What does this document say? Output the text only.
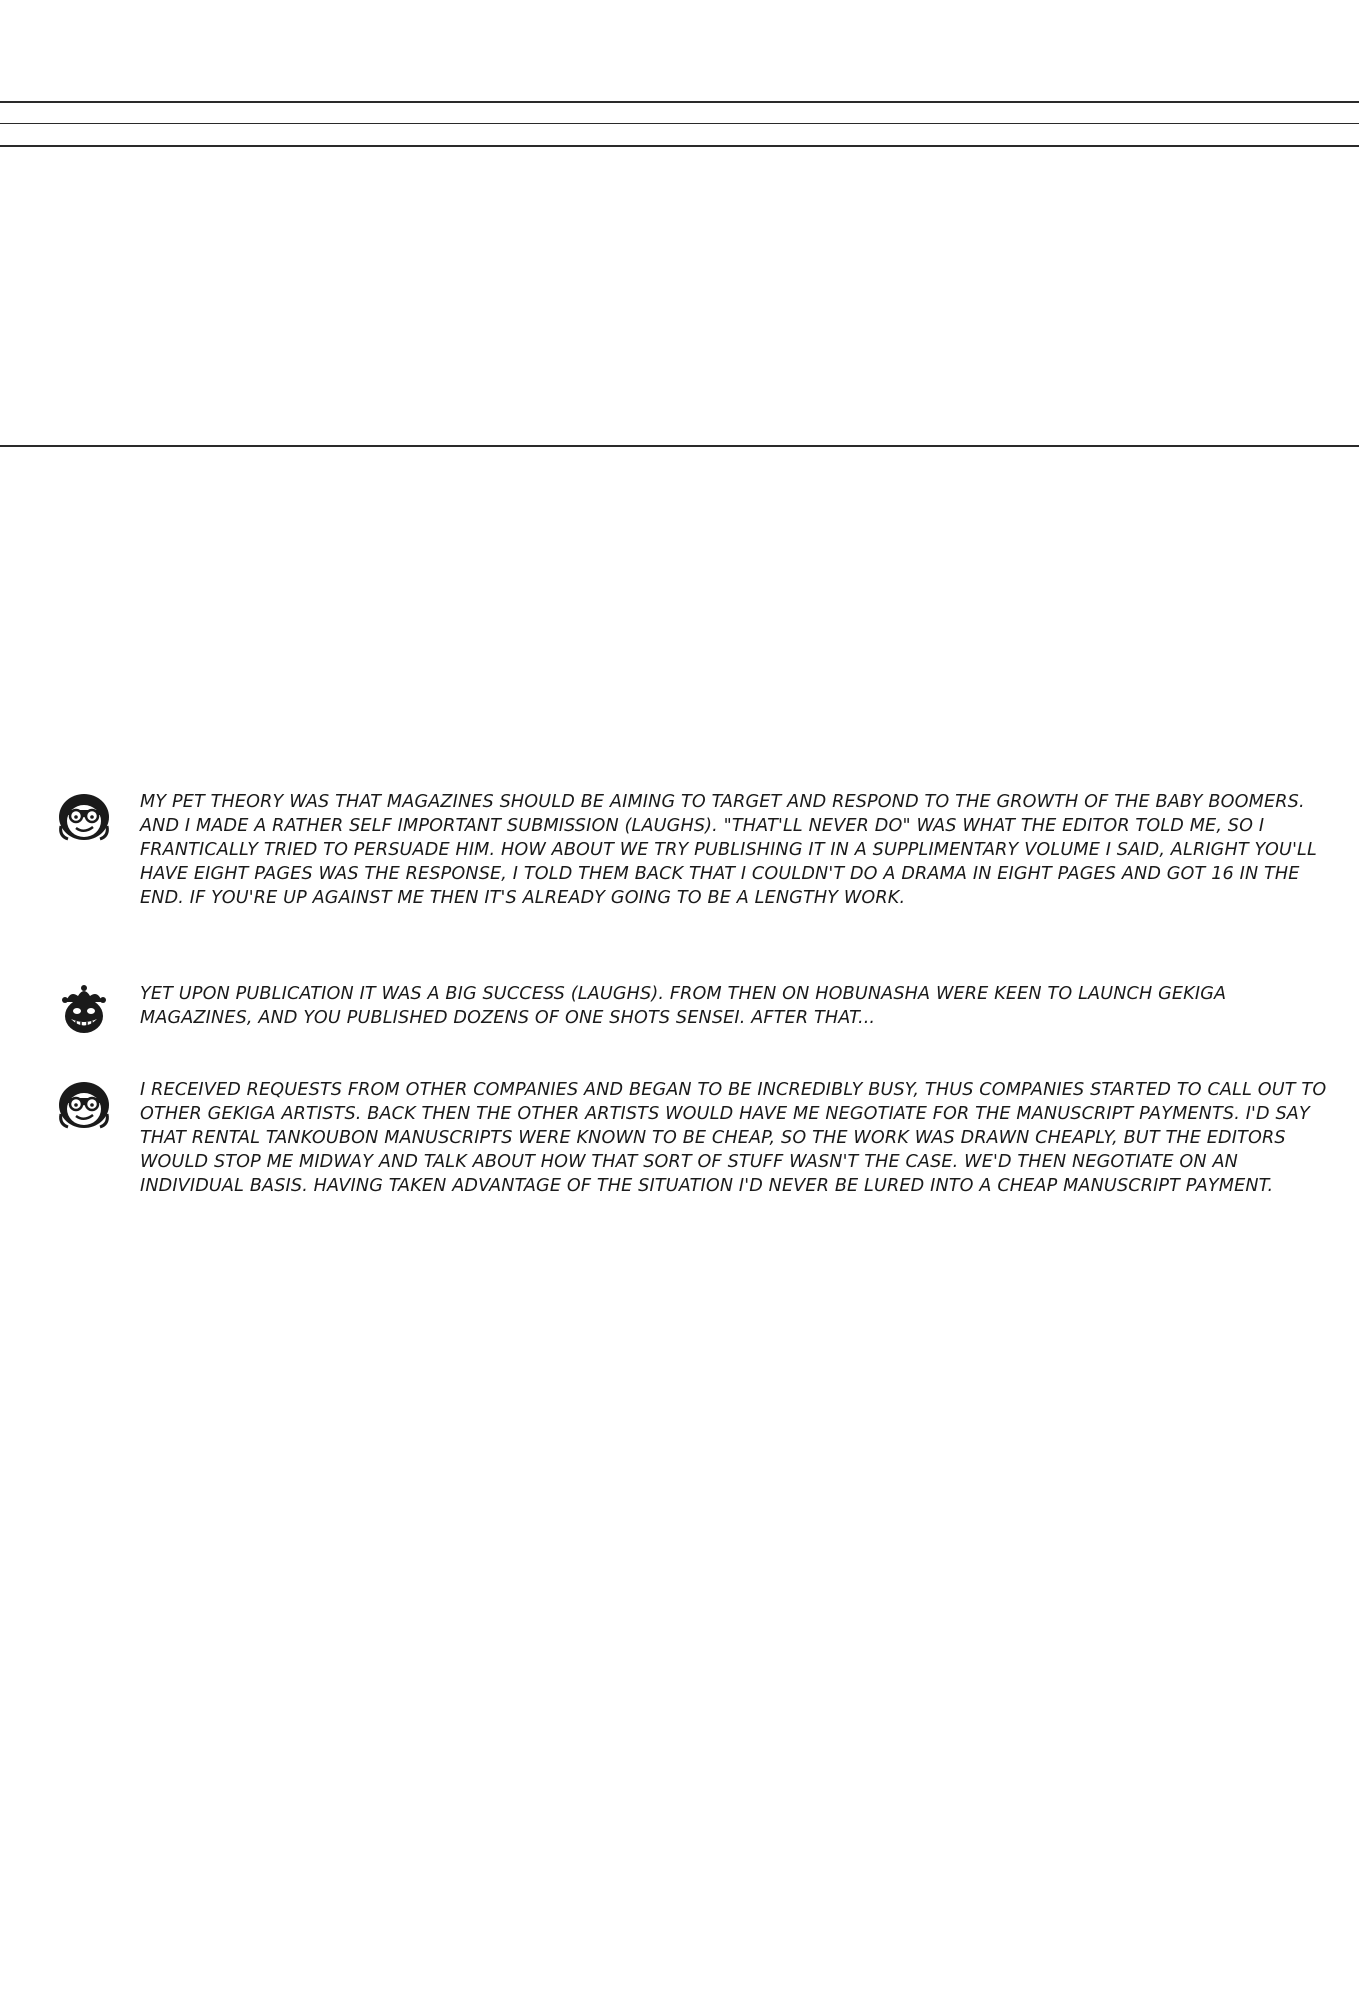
MY PET THEORY WAS THAT MAGAZINES SHOULD BE AIMING TO TARGET AND RESPOND TO THE GROWTH OF THE BABY BOOMERS. AND I MADE A RATHER SELF IMPORTANT SUBMISSION (LAUGHS). "THAT'LL NEVER DO" WAS WHAT THE EDITOR TOLD ME, SO I FRANTICALLY TRIED TO PERSUADE HIM. HOW ABOUT WE TRY PUBLISHING IT IN A SUPPLIMENTARY VOLUME I SAID, ALRIGHT YOU'LL HAVE EIGHT PAGES WAS THE RESPONSE, I TOLD THEM BACK THAT I COULDN'T DO A DRAMA IN EIGHT PAGES AND GOT 16 IN THE END. IF YOU'RE UP AGAINST ME THEN IT'S ALREADY GOING TO BE A LENGTHY WORK.

YET UPON PUBLICATION IT WAS A BIG SUCCESS (LAUGHS). FROM THEN ON HOBUNASHA WERE KEEN TO LAUNCH GEKIGA MAGAZINES, AND YOU PUBLISHED DOZENS OF ONE SHOTS SENSEI. AFTER THAT...

I RECEIVED REQUESTS FROM OTHER COMPANIES AND BEGAN TO BE INCREDIBLY BUSY, THUS COMPANIES STARTED TO CALL OUT TO OTHER GEKIGA ARTISTS. BACK THEN THE OTHER ARTISTS WOULD HAVE ME NEGOTIATE FOR THE MANUSCRIPT PAYMENTS. I'D SAY THAT RENTAL TANKOUBON MANUSCRIPTS WERE KNOWN TO BE CHEAP, SO THE WORK WAS DRAWN CHEAPLY, BUT THE EDITORS WOULD STOP ME MIDWAY AND TALK ABOUT HOW THAT SORT OF STUFF WASN'T THE CASE. WE'D THEN NEGOTIATE ON AN INDIVIDUAL BASIS. HAVING TAKEN ADVANTAGE OF THE SITUATION I'D NEVER BE LURED INTO A CHEAP MANUSCRIPT PAYMENT.
